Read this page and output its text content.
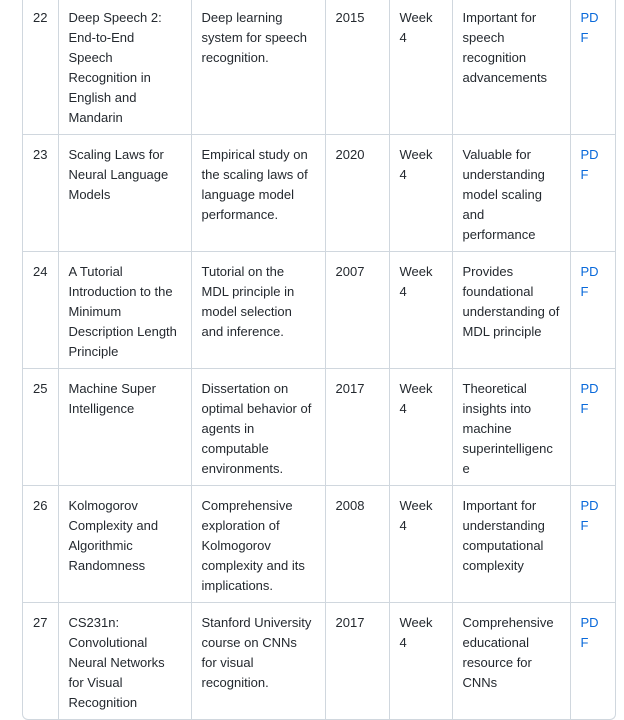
22	Deep Speech 2: End-to-End Speech Recognition in English and Mandarin	Deep learning system for speech recognition.	2015	Week 4	Important for speech recognition advancements	PDF
23	Scaling Laws for Neural Language Models	Empirical study on the scaling laws of language model performance.	2020	Week 4	Valuable for understanding model scaling and performance	PDF
24	A Tutorial Introduction to the Minimum Description Length Principle	Tutorial on the MDL principle in model selection and inference.	2007	Week 4	Provides foundational understanding of MDL principle	PDF
25	Machine Super Intelligence	Dissertation on optimal behavior of agents in computable environments.	2017	Week 4	Theoretical insights into machine superintelligence	PDF
26	Kolmogorov Complexity and Algorithmic Randomness	Comprehensive exploration of Kolmogorov complexity and its implications.	2008	Week 4	Important for understanding computational complexity	PDF
27	CS231n: Convolutional Neural Networks for Visual Recognition	Stanford University course on CNNs for visual recognition.	2017	Week 4	Comprehensive educational resource for CNNs	PDF
